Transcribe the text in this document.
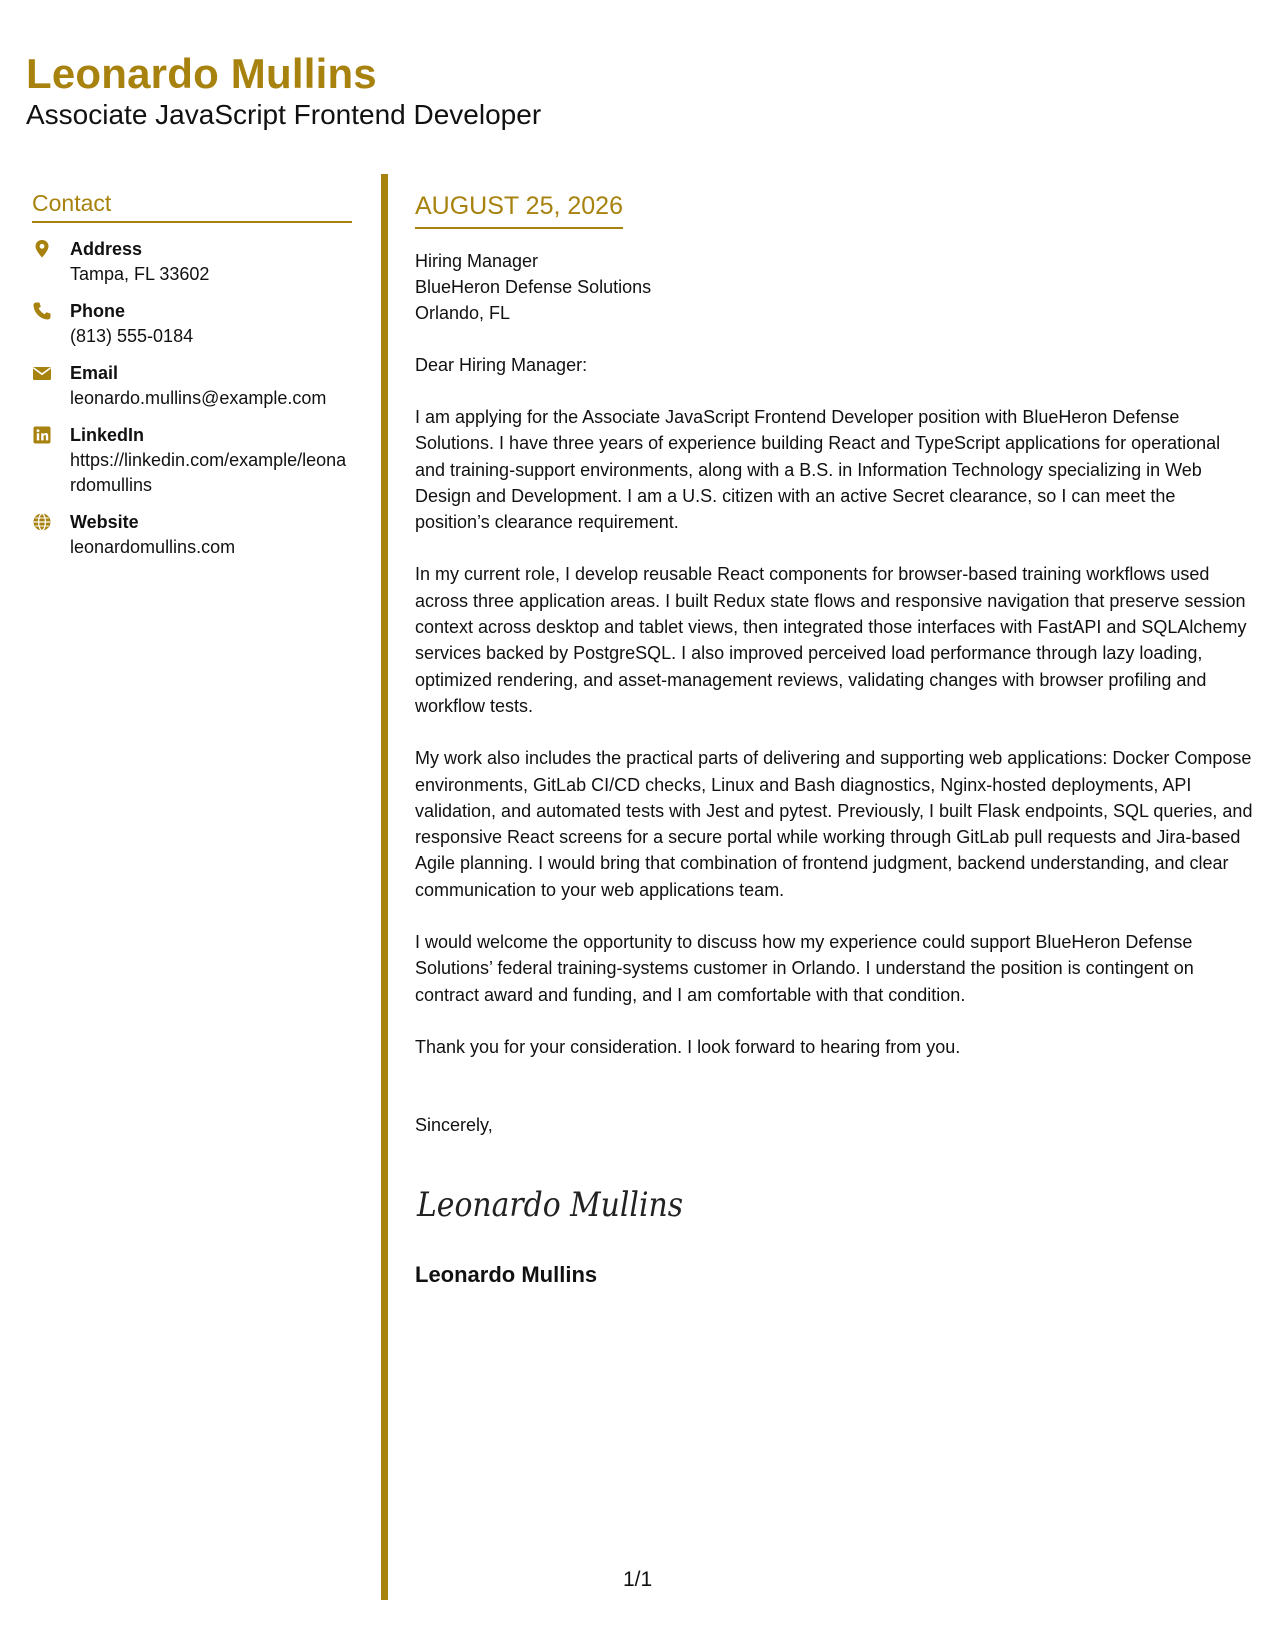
Leonardo Mullins
Associate JavaScript Frontend Developer
Contact
Address
Tampa, FL 33602
Phone
(813) 555-0184
Email
leonardo.mullins@example.com
LinkedIn
https://linkedin.com/example/leonardomullins
Website
leonardomullins.com
AUGUST 25, 2026
Hiring Manager
BlueHeron Defense Solutions
Orlando, FL
Dear Hiring Manager:
I am applying for the Associate JavaScript Frontend Developer position with BlueHeron Defense Solutions. I have three years of experience building React and TypeScript applications for operational and training-support environments, along with a B.S. in Information Technology specializing in Web Design and Development. I am a U.S. citizen with an active Secret clearance, so I can meet the position’s clearance requirement.
In my current role, I develop reusable React components for browser-based training workflows used across three application areas. I built Redux state flows and responsive navigation that preserve session context across desktop and tablet views, then integrated those interfaces with FastAPI and SQLAlchemy services backed by PostgreSQL. I also improved perceived load performance through lazy loading, optimized rendering, and asset-management reviews, validating changes with browser profiling and workflow tests.
My work also includes the practical parts of delivering and supporting web applications: Docker Compose environments, GitLab CI/CD checks, Linux and Bash diagnostics, Nginx-hosted deployments, API validation, and automated tests with Jest and pytest. Previously, I built Flask endpoints, SQL queries, and responsive React screens for a secure portal while working through GitLab pull requests and Jira-based Agile planning. I would bring that combination of frontend judgment, backend understanding, and clear communication to your web applications team.
I would welcome the opportunity to discuss how my experience could support BlueHeron Defense Solutions’ federal training-systems customer in Orlando. I understand the position is contingent on contract award and funding, and I am comfortable with that condition.
Thank you for your consideration. I look forward to hearing from you.
Sincerely,
Leonardo Mullins
Leonardo Mullins
1/1
